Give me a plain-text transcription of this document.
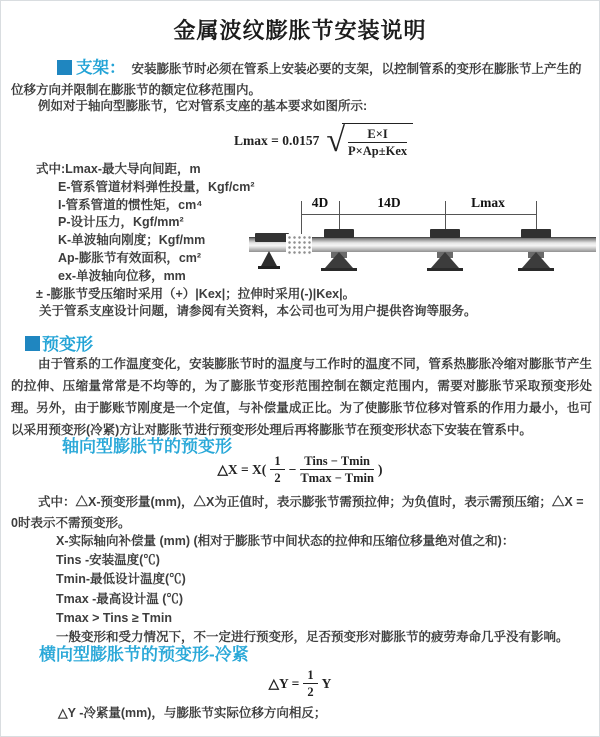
金属波纹膨胀节安装说明

支架： 安装膨胀节时必须在管系上安装必要的支架，以控制管系的变形在膨胀节上产生的位移方向并限制在膨胀节的额定位移范围内。

例如对于轴向型膨胀节，它对管系支座的基本要求如图所示:

Lmax = 0.0157 √ $\frac{E\times I}{\text{P×Ap±Kex}}$
式中:Lmax-最大导向间距，m
E-管系管道材料弹性投量，Kgf/cm²
I-管系管道的惯性矩，cm⁴
P-设计压力，Kgf/mm²
K-单波轴向刚度；Kgf/mm
Ap-膨胀节有效面积，cm²
ex-单波轴向位移，mm
± -膨胀节受压缩时采用（+）|Kex|；拉伸时采用(-)|Kex|。
关于管系支座设计问题，请参阅有关资料，本公司也可为用户提供咨询等服务。
4D	14D	Lmax
预变形

由于管系的工作温度变化，安装膨胀节时的温度与工作时的温度不同，管系热膨胀冷缩对膨胀节产生的拉伸、压缩量常常是不均等的，为了膨胀节变形范围控制在额定范围内，需要对膨胀节采取预变形处理。另外，由于膨账节刚度是一个定值，与补偿量成正比。为了使膨胀节位移对管系的作用力最小，也可以采用预变形(冷紧)方让对膨胀节进行预变形处理后再将膨胀节在预变形状态下安装在管系中。

轴向型膨胀节的预变形
△X = $X( \frac{1}{2} - \frac{\text{Tins − Tmin}}{Tmax - Tmin}$ )

式中：△X-预变形量(mm)，△X为正值时，表示膨张节需预拉伸；为负值时，表示需预压缩；△X = 0时表示不需预变形。

X-实际轴向补偿量 (mm) (相对于膨胀节中间状态的拉伸和压缩位移量绝对值之和)：
Tins -安装温度(℃)
Tmin-最低设计温度(℃)
Tmax -最高设计温 (℃)
Tmax > Tins ≥ Tmin
一般变形和受力情况下，不一定进行预变形，足否预变形对膨胀节的疲劳寿命几乎没有影响。
横向型膨胀节的预变形-冷紧
△Y = $\frac{1}{2}$ Y

△Y -冷紧量(mm)，与膨胀节实际位移方向相反；
